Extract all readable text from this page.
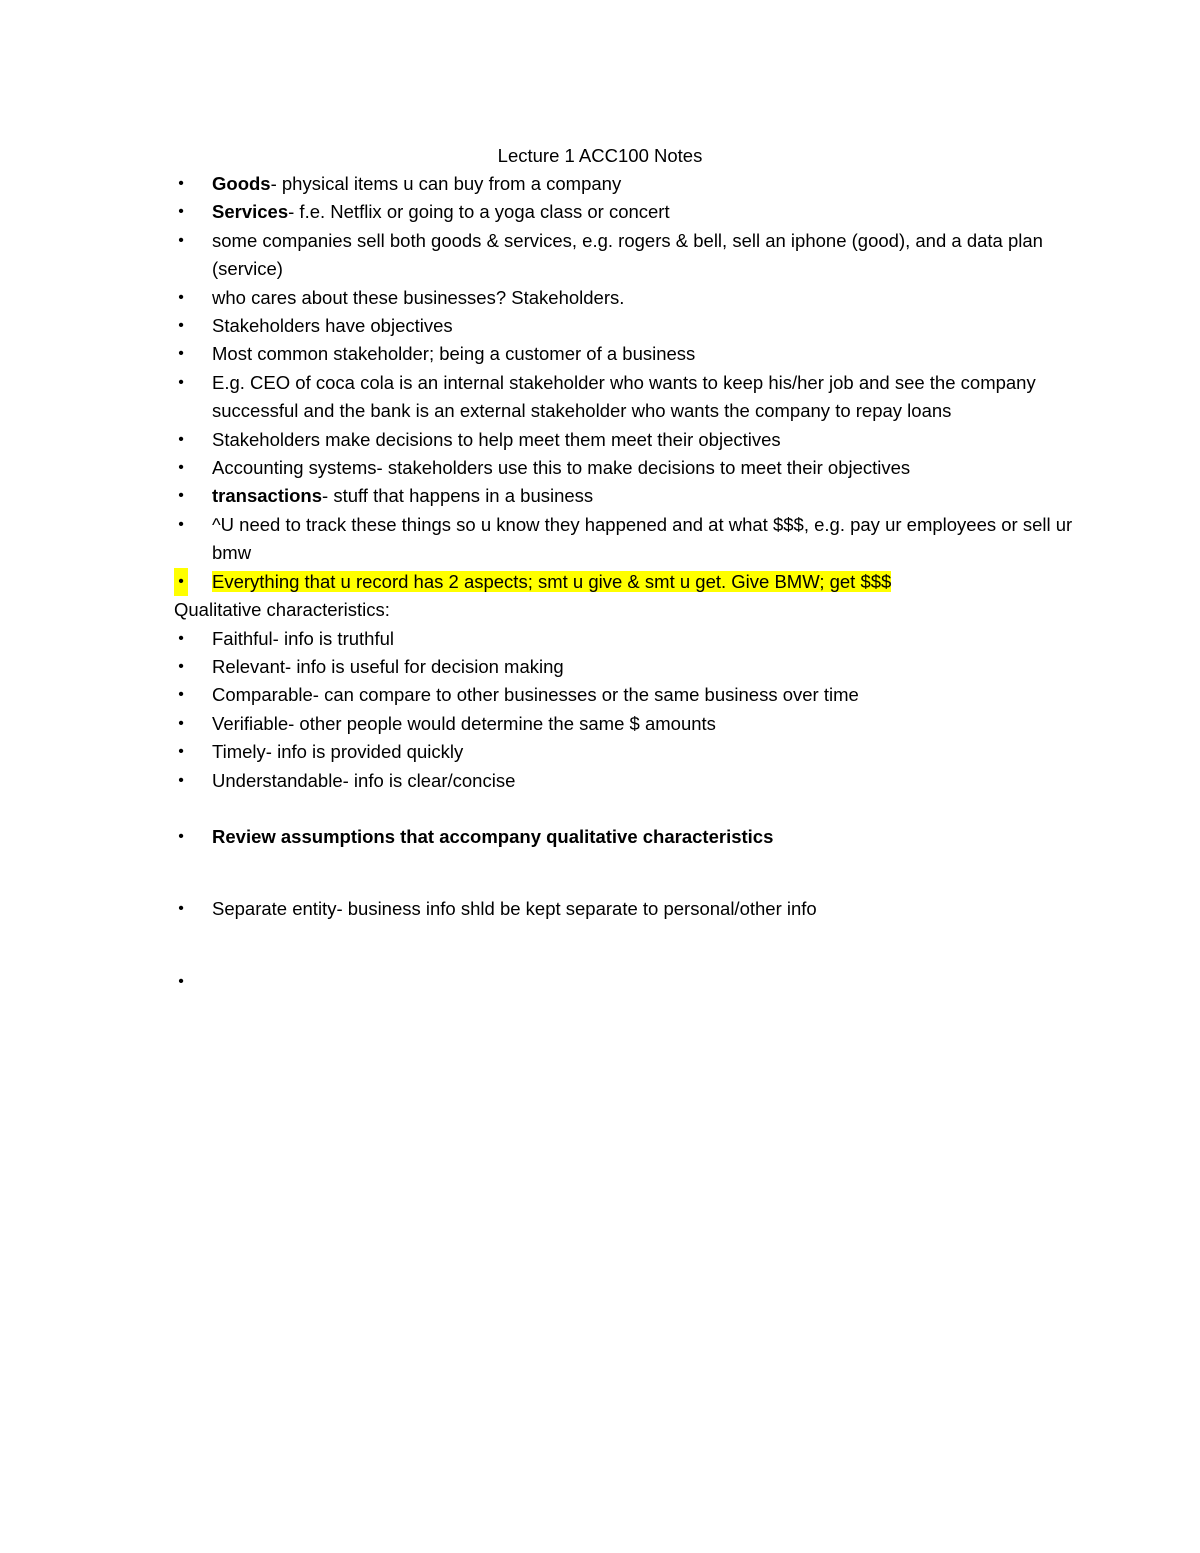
Lecture 1 ACC100 Notes
•
Goods- physical items u can buy from a company
•
Services- f.e. Netflix or going to a yoga class or concert
•
some companies sell both goods & services, e.g. rogers & bell, sell an iphone (good), and a data plan (service)
•
who cares about these businesses? Stakeholders.
•
Stakeholders have objectives
•
Most common stakeholder; being a customer of a business
•
E.g. CEO of coca cola is an internal stakeholder who wants to keep his/her job and see the company successful and the bank is an external stakeholder who wants the company to repay loans
•
Stakeholders make decisions to help meet them meet their objectives
•
Accounting systems- stakeholders use this to make decisions to meet their objectives
•
transactions- stuff that happens in a business
•
^U need to track these things so u know they happened and at what $$$, e.g. pay ur employees or sell ur bmw
•
Everything that u record has 2 aspects; smt u give & smt u get. Give BMW; get $$$
Qualitative characteristics:
•
Faithful- info is truthful
•
Relevant- info is useful for decision making
•
Comparable- can compare to other businesses or the same business over time
•
Verifiable- other people would determine the same $ amounts
•
Timely- info is provided quickly
•
Understandable- info is clear/concise
•
Review assumptions that accompany qualitative characteristics
•
Separate entity- business info shld be kept separate to personal/other info
•
